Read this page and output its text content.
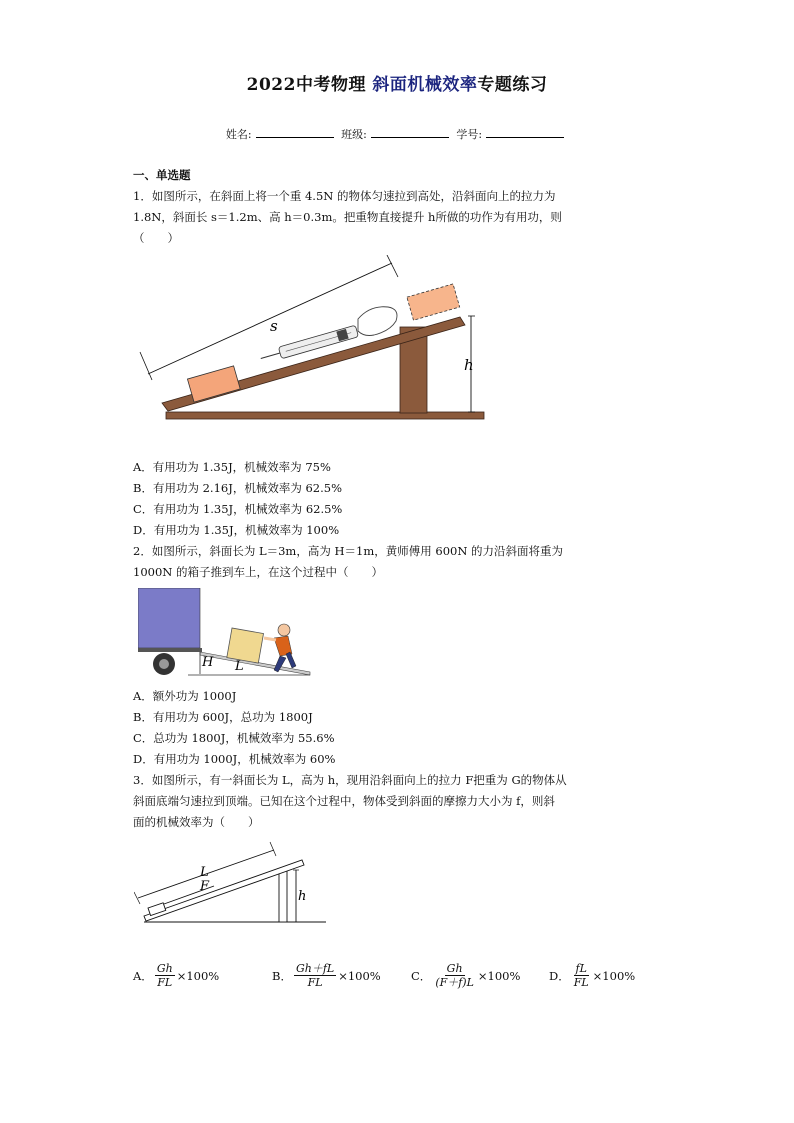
2022中考物理 斜面机械效率专题练习
姓名:	班级:	学号:
一、单选题
1．如图所示，在斜面上将一个重 4.5N 的物体匀速拉到高处，沿斜面向上的拉力为
1.8N，斜面长 s＝1.2m、高 h＝0.3m。把重物直接提升 h所做的功作为有用功，则
（　　）
s
h
A．有用功为 1.35J，机械效率为 75%
B．有用功为 2.16J，机械效率为 62.5%
C．有用功为 1.35J，机械效率为 62.5%
D．有用功为 1.35J，机械效率为 100%
2．如图所示，斜面长为 L＝3m，高为 H＝1m，黄师傅用 600N 的力沿斜面将重为
1000N 的箱子推到车上，在这个过程中（　　）
H L
A．额外功为 1000J
B．有用功为 600J，总功为 1800J
C．总功为 1800J，机械效率为 55.6%
D．有用功为 1000J，机械效率为 60%
3．如图所示，有一斜面长为 L，高为 h，现用沿斜面向上的拉力 F把重为 G的物体从
斜面底端匀速拉到顶端。已知在这个过程中，物体受到斜面的摩擦力大小为 f，则斜
面的机械效率为（　　）
L
F
h
A． $\frac{Gh}{FL} \times 100\%$	B． $\frac{Gh+fL}{FL} \times 100\%$	C． $\frac{Gh}{(F+f)L} \times 100\%$ D． $\frac{fL}{FL} \times 100\%$
